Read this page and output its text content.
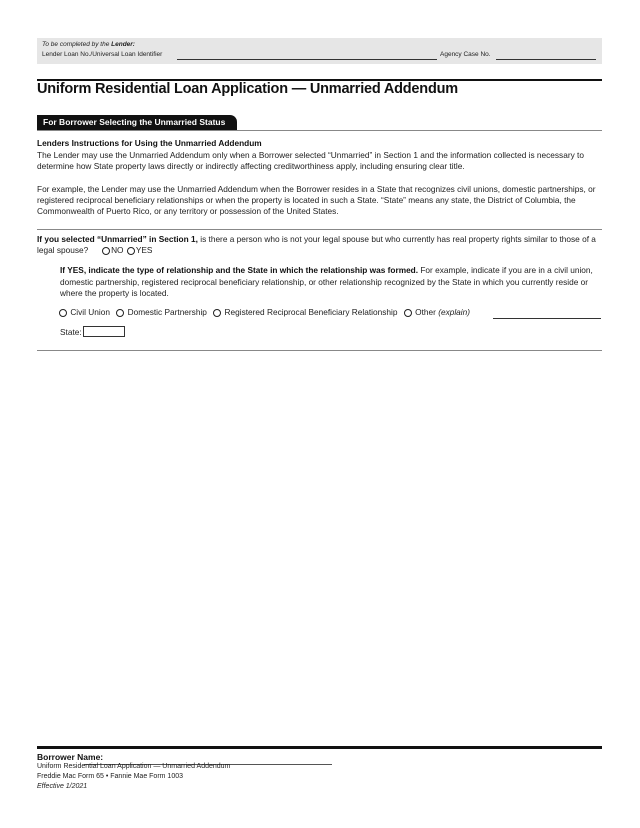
To be completed by the Lender:
Lender Loan No./Universal Loan Identifier	Agency Case No.
Uniform Residential Loan Application — Unmarried Addendum
For Borrower Selecting the Unmarried Status
Lenders Instructions for Using the Unmarried Addendum
The Lender may use the Unmarried Addendum only when a Borrower selected “Unmarried” in Section 1 and the information collected is necessary to determine how State property laws directly or indirectly affecting creditworthiness apply, including ensuring clear title.
For example, the Lender may use the Unmarried Addendum when the Borrower resides in a State that recognizes civil unions, domestic partnerships, or registered reciprocal beneficiary relationships or when the property is located in such a State. “State” means any state, the District of Columbia, the Commonwealth of Puerto Rico, or any territory or possession of the United States.
If you selected “Unmarried” in Section 1, is there a person who is not your legal spouse but who currently has real property rights similar to those of a legal spouse?	NO YES
If YES, indicate the type of relationship and the State in which the relationship was formed. For example, indicate if you are in a civil union, domestic partnership, registered reciprocal beneficiary relationship, or other relationship recognized by the State in which you currently reside or where the property is located.
Civil Union Domestic Partnership Registered Reciprocal Beneficiary Relationship Other (explain)
State:
Borrower Name:
Uniform Residential Loan Application — Unmarried Addendum
Freddie Mac Form 65 • Fannie Mae Form 1003
Effective 1/2021
